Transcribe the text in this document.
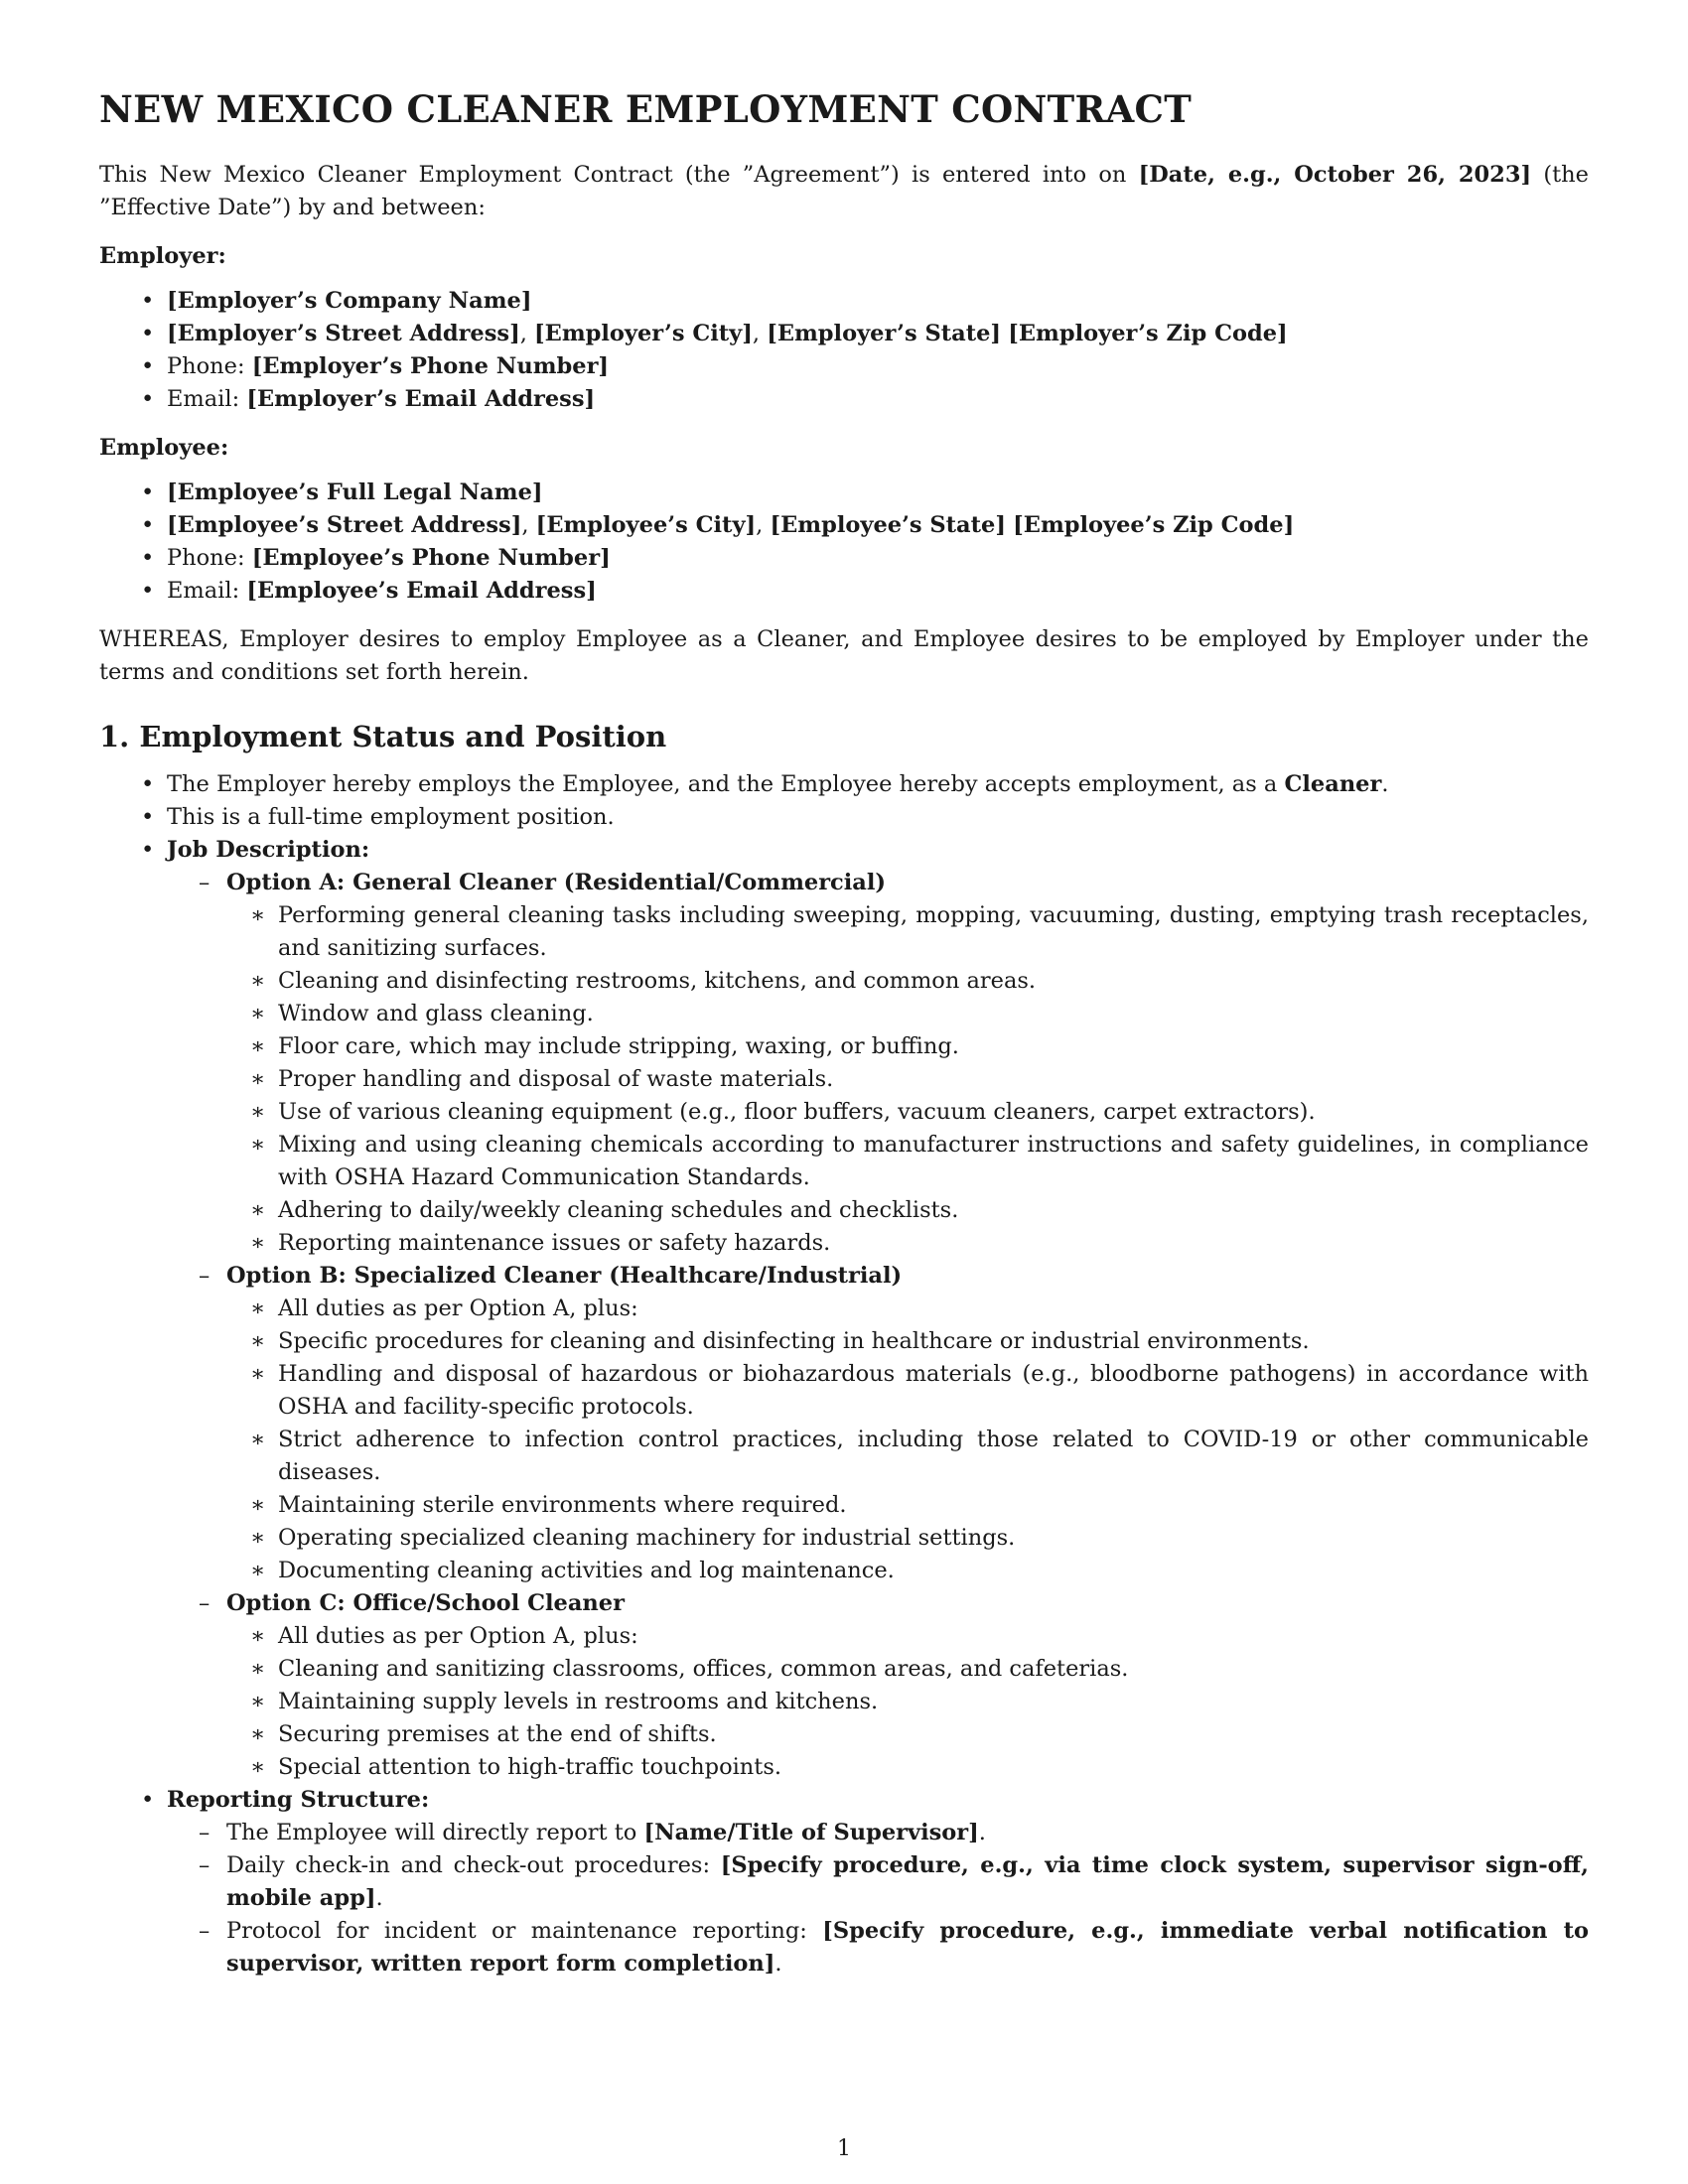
NEW MEXICO CLEANER EMPLOYMENT CONTRACT

This New Mexico Cleaner Employment Contract (the ”Agreement”) is entered into on [Date, e.g., October 26, 2023] (the ”Effective Date”) by and between:

Employer:
• [Employer’s Company Name]
• [Employer’s Street Address], [Employer’s City], [Employer’s State] [Employer’s Zip Code]
• Phone: [Employer’s Phone Number]
• Email: [Employer’s Email Address]
Employee:
• [Employee’s Full Legal Name]
• [Employee’s Street Address], [Employee’s City], [Employee’s State] [Employee’s Zip Code]
• Phone: [Employee’s Phone Number]
• Email: [Employee’s Email Address]

WHEREAS, Employer desires to employ Employee as a Cleaner, and Employee desires to be employed by Employer under the terms and conditions set forth herein.

1. Employment Status and Position
• The Employer hereby employs the Employee, and the Employee hereby accepts employment, as a Cleaner.
• This is a full-time employment position.
• Job Description:
– Option A: General Cleaner (Residential/Commercial)
∗ Performing general cleaning tasks including sweeping, mopping, vacuuming, dusting, emptying trash receptacles, and sanitizing surfaces.
∗ Cleaning and disinfecting restrooms, kitchens, and common areas.
∗ Window and glass cleaning.
∗ Floor care, which may include stripping, waxing, or buffing.
∗ Proper handling and disposal of waste materials.
∗ Use of various cleaning equipment (e.g., floor buffers, vacuum cleaners, carpet extractors).
∗ Mixing and using cleaning chemicals according to manufacturer instructions and safety guidelines, in compliance with OSHA Hazard Communication Standards.
∗ Adhering to daily/weekly cleaning schedules and checklists.
∗ Reporting maintenance issues or safety hazards.
– Option B: Specialized Cleaner (Healthcare/Industrial)
∗ All duties as per Option A, plus:
∗ Specific procedures for cleaning and disinfecting in healthcare or industrial environments.
∗ Handling and disposal of hazardous or biohazardous materials (e.g., bloodborne pathogens) in accordance with OSHA and facility-specific protocols.
∗ Strict adherence to infection control practices, including those related to COVID-19 or other communicable diseases.
∗ Maintaining sterile environments where required.
∗ Operating specialized cleaning machinery for industrial settings.
∗ Documenting cleaning activities and log maintenance.
– Option C: Office/School Cleaner
∗ All duties as per Option A, plus:
∗ Cleaning and sanitizing classrooms, offices, common areas, and cafeterias.
∗ Maintaining supply levels in restrooms and kitchens.
∗ Securing premises at the end of shifts.
∗ Special attention to high-traffic touchpoints.
• Reporting Structure:
– The Employee will directly report to [Name/Title of Supervisor].
– Daily check-in and check-out procedures: [Specify procedure, e.g., via time clock system, supervisor sign-off, mobile app].
– Protocol for incident or maintenance reporting: [Specify procedure, e.g., immediate verbal notification to supervisor, written report form completion].
1
